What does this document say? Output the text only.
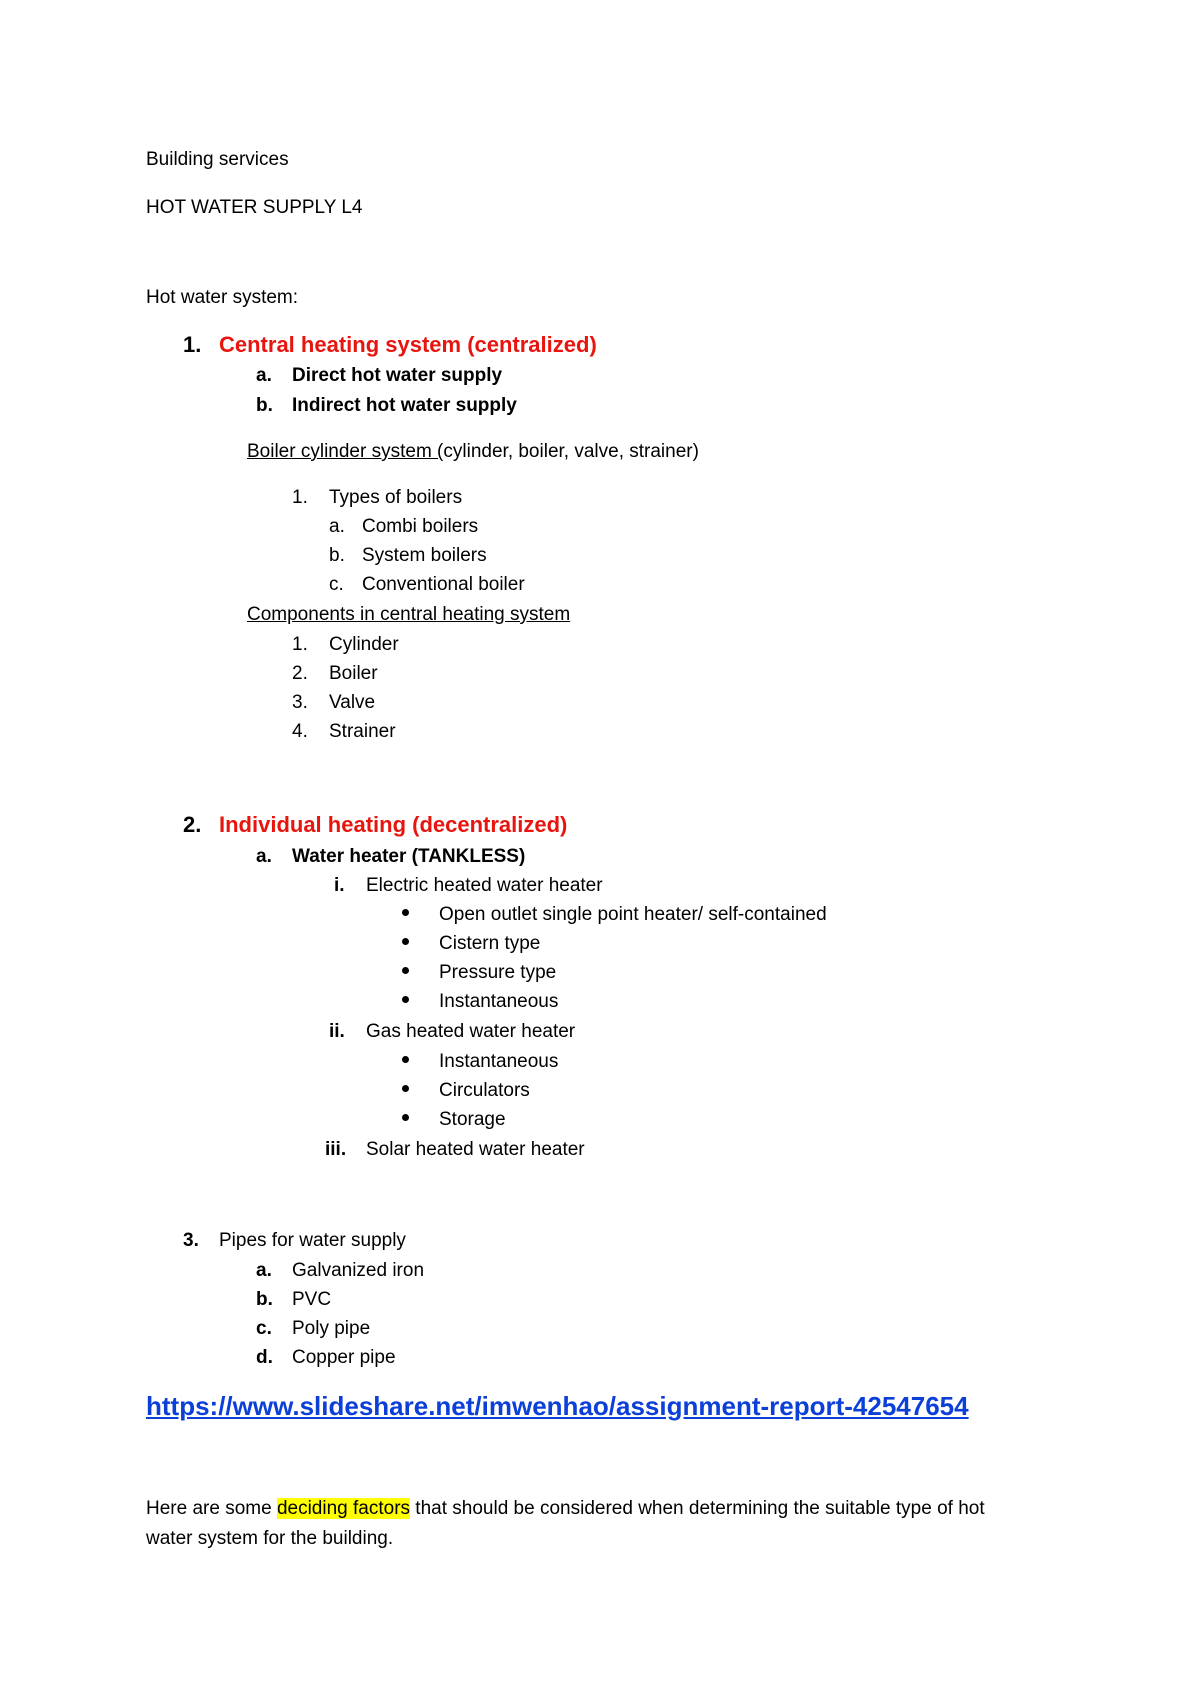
Building services
HOT WATER SUPPLY L4
Hot water system:
1. Central heating system (centralized)
a. Direct hot water supply
b. Indirect hot water supply
Boiler cylinder system (cylinder, boiler, valve, strainer)
1. Types of boilers
a. Combi boilers
b. System boilers
c. Conventional boiler
Components in central heating system
1. Cylinder
2. Boiler
3. Valve
4. Strainer
2. Individual heating (decentralized)
a. Water heater (TANKLESS)
i. Electric heated water heater
Open outlet single point heater/ self-contained
Cistern type
Pressure type
Instantaneous
ii. Gas heated water heater
Instantaneous
Circulators
Storage
iii. Solar heated water heater
3. Pipes for water supply
a. Galvanized iron
b. PVC
c. Poly pipe
d. Copper pipe
https://www.slideshare.net/imwenhao/assignment-report-42547654
Here are some deciding factors that should be considered when determining the suitable type of hot
water system for the building.
